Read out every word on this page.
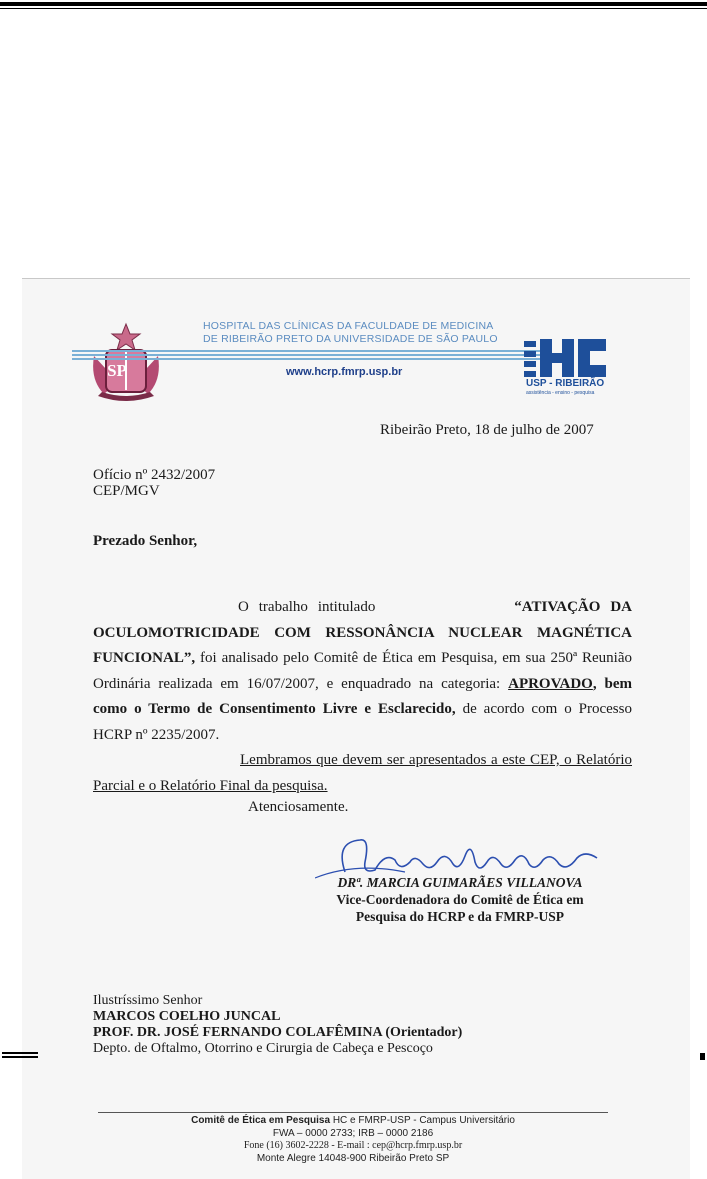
SP
HOSPITAL DAS CLÍNICAS DA FACULDADE DE MEDICINA
DE RIBEIRÃO PRETO DA UNIVERSIDADE DE SÃO PAULO
www.hcrp.fmrp.usp.br
USP - RIBEIRÃO
assistência - ensino - pesquisa
Ribeirão Preto, 18 de julho de 2007
Ofício nº 2432/2007
CEP/MGV
Prezado Senhor,

O trabalho intitulado	“ATIVAÇÃO DA OCULOMOTRICIDADE COM RESSONÂNCIA NUCLEAR MAGNÉTICA FUNCIONAL”, foi analisado pelo Comitê de Ética em Pesquisa, em sua 250ª Reunião Ordinária realizada em 16/07/2007, e enquadrado na categoria: APROVADO, bem como o Termo de Consentimento Livre e Esclarecido, de acordo com o Processo HCRP nº 2235/2007.

Lembramos que devem ser apresentados a este CEP, o Relatório Parcial e o Relatório Final da pesquisa.

Atenciosamente.
DRª. MARCIA GUIMARÃES VILLANOVA
Vice-Coordenadora do Comitê de Ética em
Pesquisa do HCRP e da FMRP-USP
Ilustríssimo Senhor
MARCOS COELHO JUNCAL
PROF. DR. JOSÉ FERNANDO COLAFÊMINA (Orientador)
Depto. de Oftalmo, Otorrino e Cirurgia de Cabeça e Pescoço
Comitê de Ética em Pesquisa HC e FMRP-USP - Campus Universitário
FWA – 0000 2733; IRB – 0000 2186
Fone (16) 3602-2228 - E-mail : cep@hcrp.fmrp.usp.br
Monte Alegre 14048-900 Ribeirão Preto SP
